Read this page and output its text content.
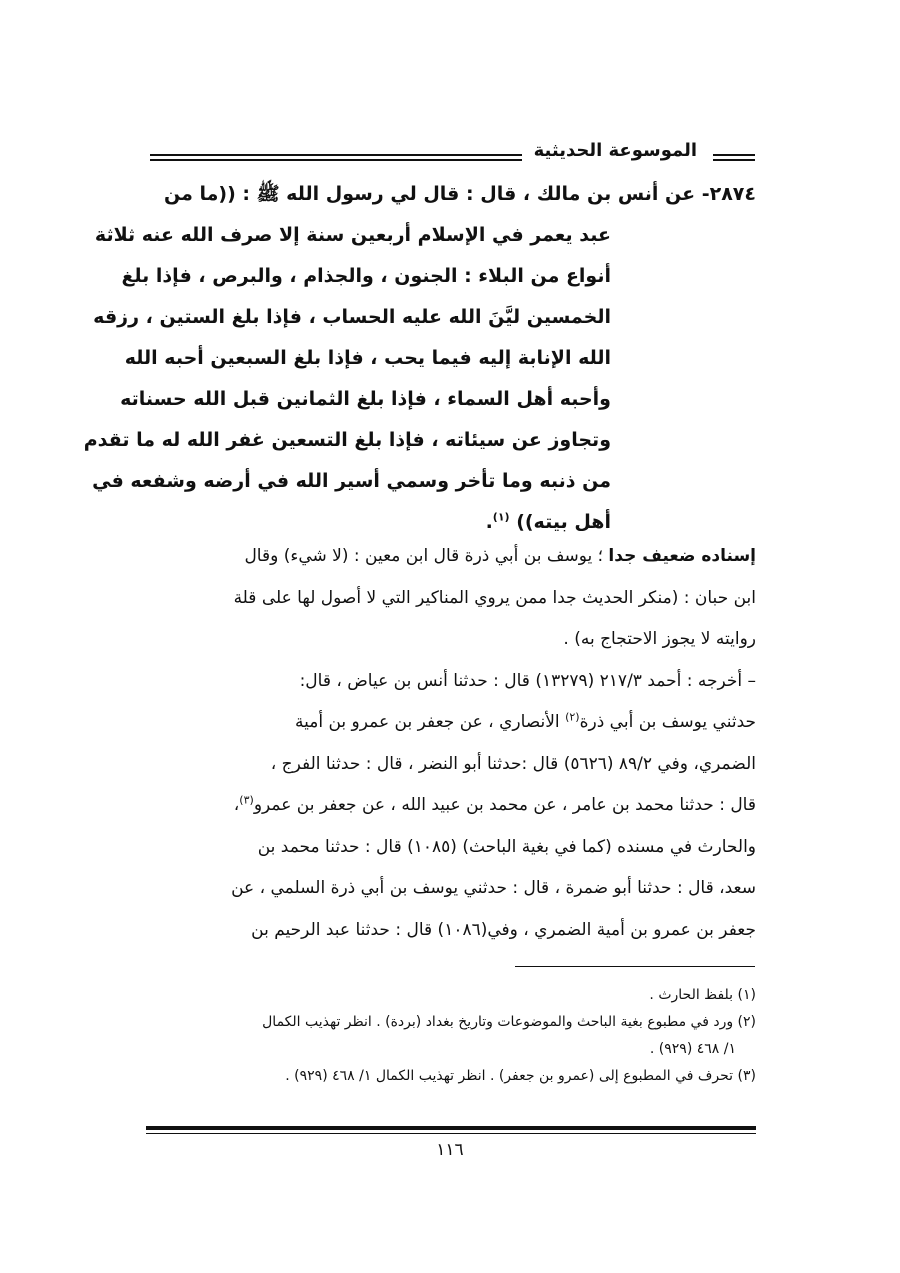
الموسوعة الحديثية
٢٨٧٤- عن أنس بن مالك ، قال : قال لي رسول الله ﷺ : ((ما من
عبد يعمر في الإسلام أربعين سنة إلا صرف الله عنه ثلاثة
أنواع من البلاء : الجنون ، والجذام ، والبرص ، فإذا بلغ
الخمسين ليَّنَ الله عليه الحساب ، فإذا بلغ الستين ، رزقه
الله الإنابة إليه فيما يحب ، فإذا بلغ السبعين أحبه الله
وأحبه أهل السماء ، فإذا بلغ الثمانين قبل الله حسناته
وتجاوز عن سيئاته ، فإذا بلغ التسعين غفر الله له ما تقدم
من ذنبه وما تأخر وسمي أسير الله في أرضه وشفعه في
أهل بيته)) $^{(١)}$.
إسناده ضعيف جدا ؛ يوسف بن أبي ذرة قال ابن معين : (لا شيء) وقال
ابن حبان : (منكر الحديث جدا ممن يروي المناكير التي لا أصول لها على قلة
روايته لا يجوز الاحتجاج به) .
– أخرجه : أحمد ٢١٧/٣ (١٣٢٧٩) قال : حدثنا أنس بن عياض ، قال:
حدثني يوسف بن أبي ذرة$^{(٢)}$ الأنصاري ، عن جعفر بن عمرو بن أمية
الضمري، وفي ٨٩/٢ (٥٦٢٦) قال :حدثنا أبو النضر ، قال : حدثنا الفرج ،
قال : حدثنا محمد بن عامر ، عن محمد بن عبيد الله ، عن جعفر بن عمرو$^{(٣)}$،
والحارث في مسنده (كما في بغية الباحث) (١٠٨٥) قال : حدثنا محمد بن
سعد، قال : حدثنا أبو ضمرة ، قال : حدثني يوسف بن أبي ذرة السلمي ، عن
جعفر بن عمرو بن أمية الضمري ، وفي(١٠٨٦) قال : حدثنا عبد الرحيم بن
(١) بلفظ الحارث .
(٢) ورد في مطبوع بغية الباحث والموضوعات وتاريخ بغداد (بردة) . انظر تهذيب الكمال
١/ ٤٦٨ (٩٢٩) .
(٣) تحرف في المطبوع إلى (عمرو بن جعفر) . انظر تهذيب الكمال ١/ ٤٦٨ (٩٢٩) .
١١٦
